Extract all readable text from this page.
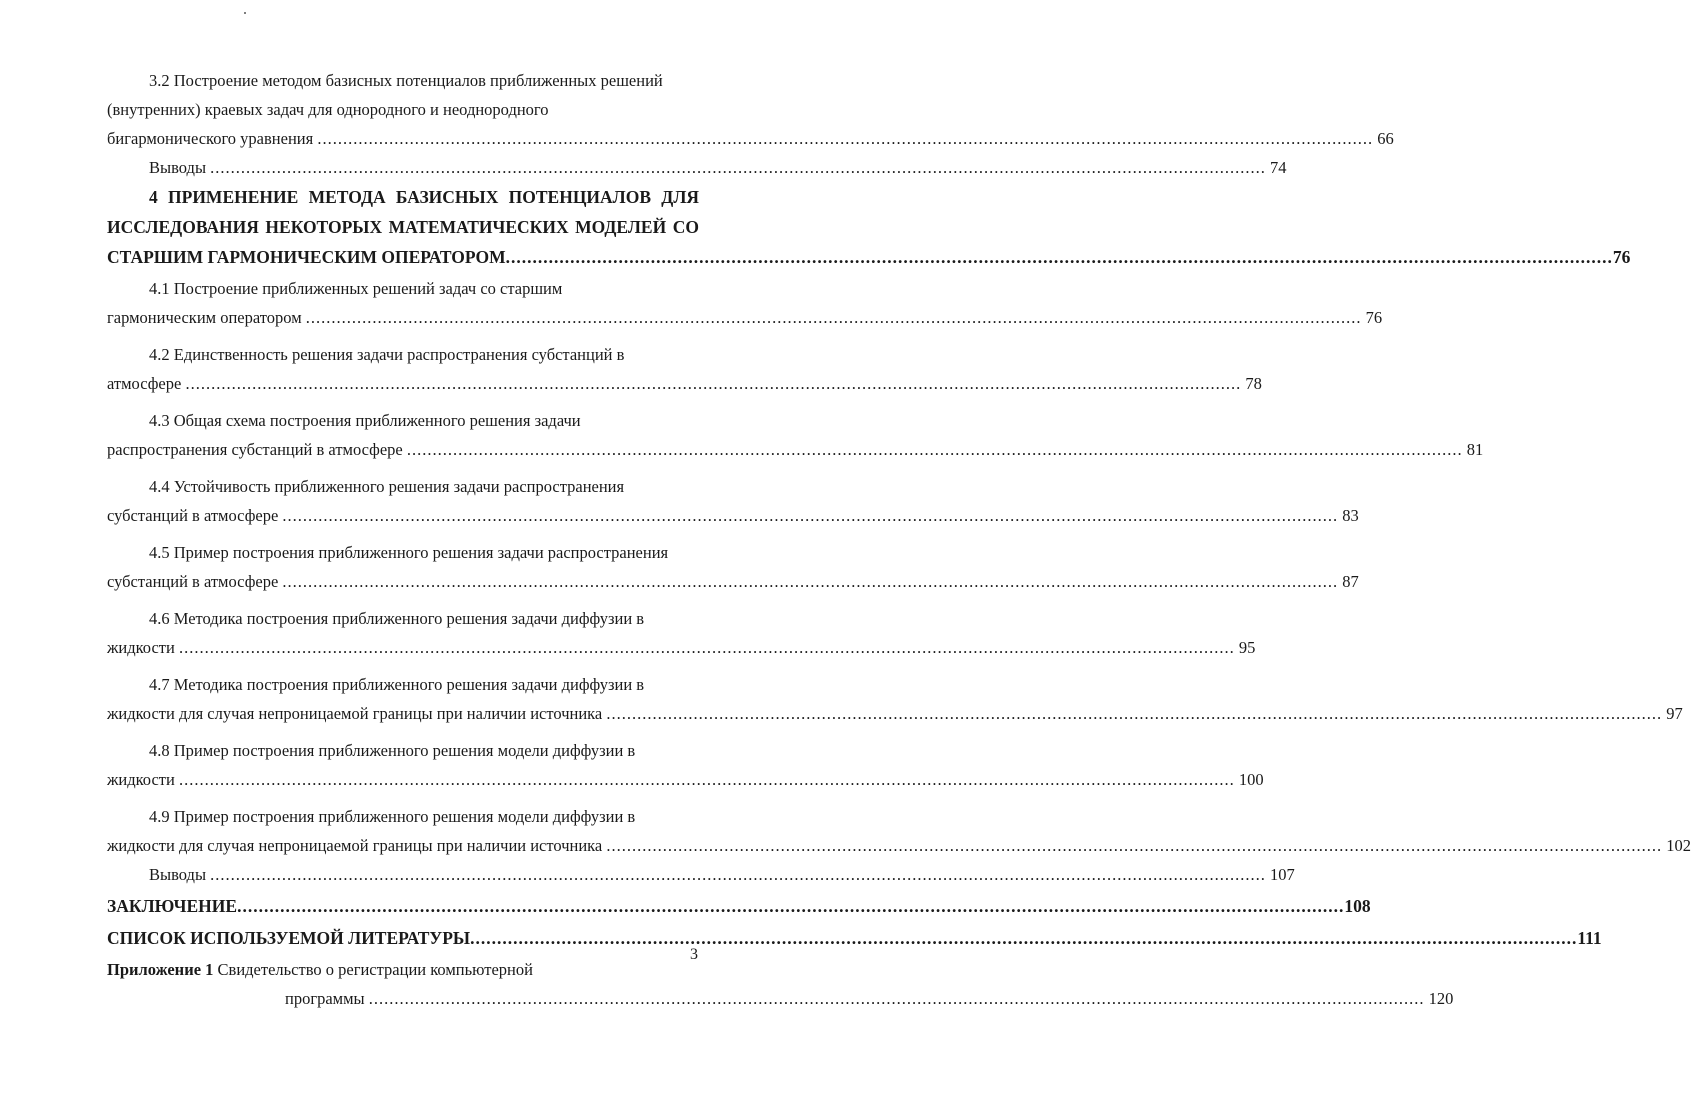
3.2 Построение методом базисных потенциалов приближенных решений
(внутренних) краевых задач для однородного и неоднородного
бигармонического уравнения .....	66
Выводы .....	74
4 ПРИМЕНЕНИЕ МЕТОДА БАЗИСНЫХ ПОТЕНЦИАЛОВ ДЛЯ
ИССЛЕДОВАНИЯ НЕКОТОРЫХ МАТЕМАТИЧЕСКИХ МОДЕЛЕЙ СО
СТАРШИМ ГАРМОНИЧЕСКИМ ОПЕРАТОРОМ .....	76
4.1 Построение приближенных решений задач со старшим
гармоническим оператором .....	76
4.2 Единственность решения задачи распространения субстанций в
атмосфере .....	78
4.3 Общая схема построения приближенного решения задачи
распространения субстанций в атмосфере .....	81
4.4 Устойчивость приближенного решения задачи распространения
субстанций в атмосфере .....	83
4.5 Пример построения приближенного решения задачи распространения
субстанций в атмосфере .....	87
4.6 Методика построения приближенного решения задачи диффузии в
жидкости .....	95
4.7 Методика построения приближенного решения задачи диффузии в
жидкости для случая непроницаемой границы при наличии источника .....	97
4.8 Пример построения приближенного решения модели диффузии в
жидкости .....	100
4.9 Пример построения приближенного решения модели диффузии в
жидкости для случая непроницаемой границы при наличии источника .....	102
Выводы .....	107
ЗАКЛЮЧЕНИЕ .....	108
СПИСОК ИСПОЛЬЗУЕМОЙ ЛИТЕРАТУРЫ .....	111
Приложение 1 Свидетельство о регистрации компьютерной
программы .....	120
3
